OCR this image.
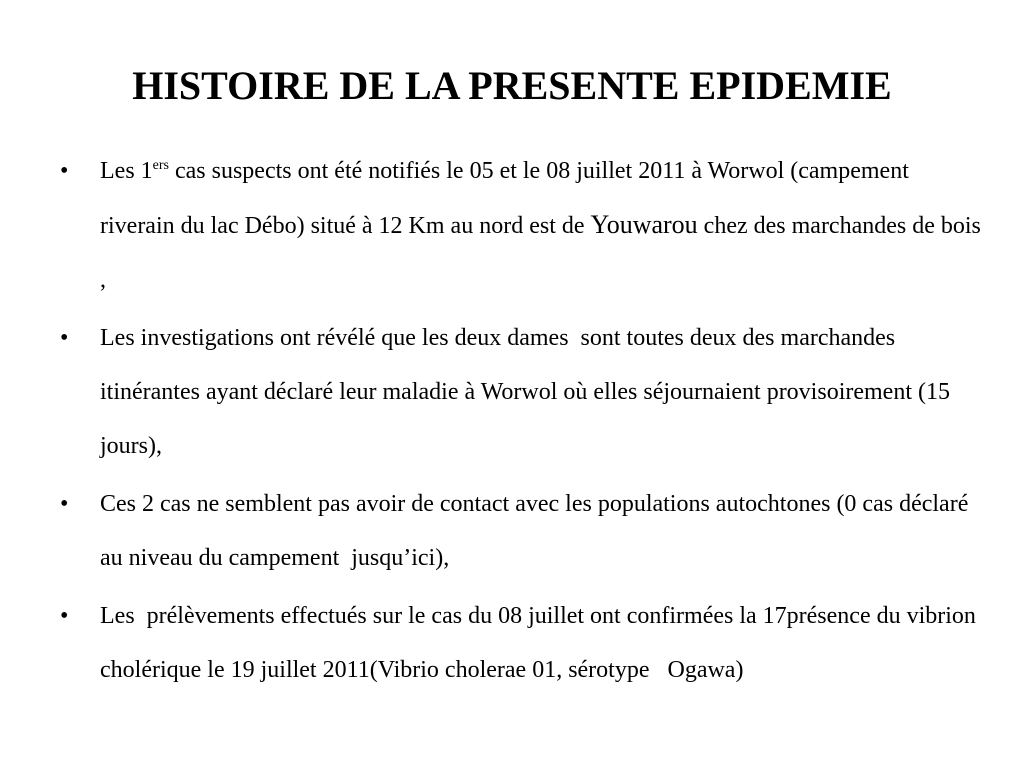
HISTOIRE DE LA PRESENTE EPIDEMIE
• Les 1ers cas suspects ont été notifiés le 05 et le 08 juillet 2011 à Worwol (campement riverain du lac Débo) situé à 12 Km au nord est de Youwarou chez des marchandes de bois ,
• Les investigations ont révélé que les deux dames  sont toutes deux des marchandes itinérantes ayant déclaré leur maladie à Worwol où elles séjournaient provisoirement (15 jours),
• Ces 2 cas ne semblent pas avoir de contact avec les populations autochtones (0 cas déclaré au niveau du campement  jusqu’ici),
• Les  prélèvements effectués sur le cas du 08 juillet ont confirmées la 17présence du vibrion cholérique le 19 juillet 2011(Vibrio cholerae 01, sérotype   Ogawa)
